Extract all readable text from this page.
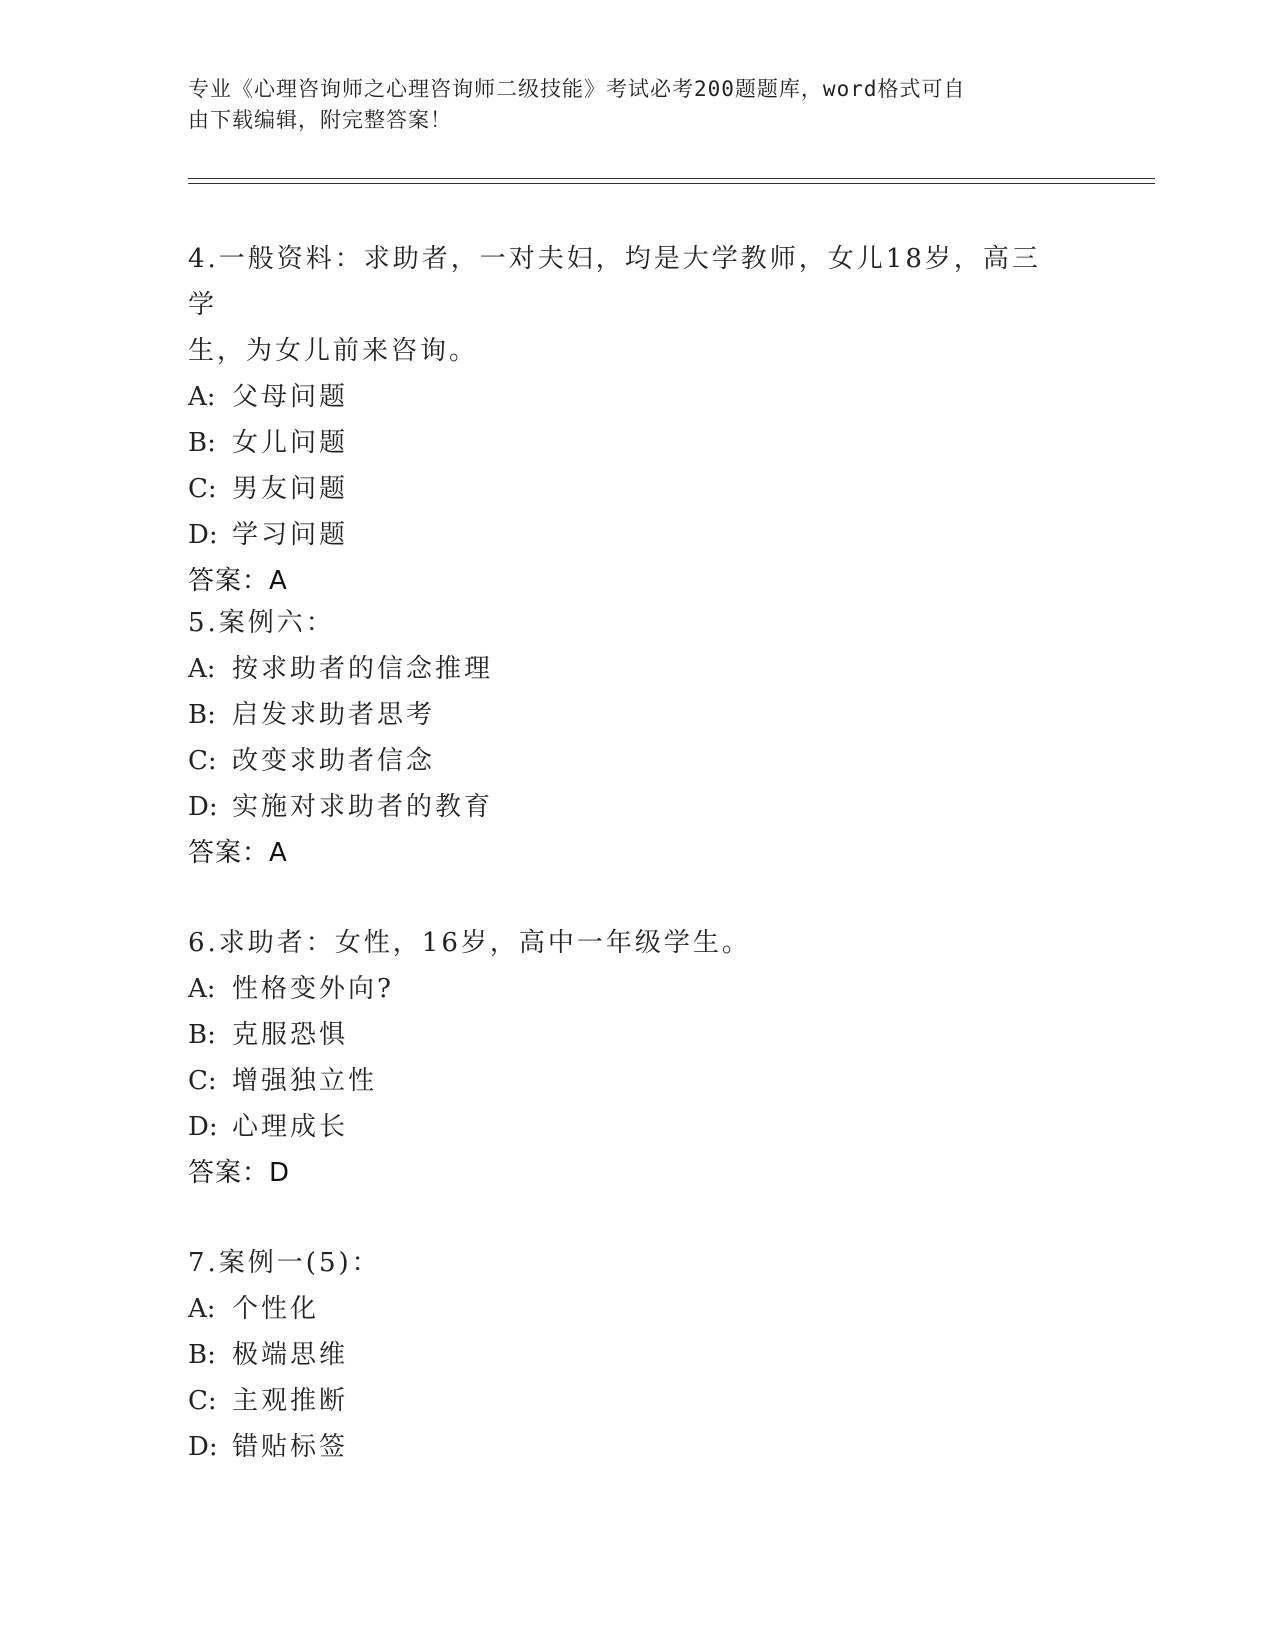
专业《心理咨询师之心理咨询师二级技能》考试必考200题题库，word格式可自
由下载编辑，附完整答案！

4.一般资料：求助者，一对夫妇，均是大学教师，女儿18岁，高三学

生，为女儿前来咨询。

A: 父母问题

B: 女儿问题

C: 男友问题

D: 学习问题

答案：A

5.案例六：

A: 按求助者的信念推理

B: 启发求助者思考

C: 改变求助者信念

D: 实施对求助者的教育

答案：A

6.求助者：女性，16岁，高中一年级学生。

A: 性格变外向?

B: 克服恐惧

C: 增强独立性

D: 心理成长

答案：D

7.案例一(5)：

A: 个性化

B: 极端思维

C: 主观推断

D: 错贴标签
